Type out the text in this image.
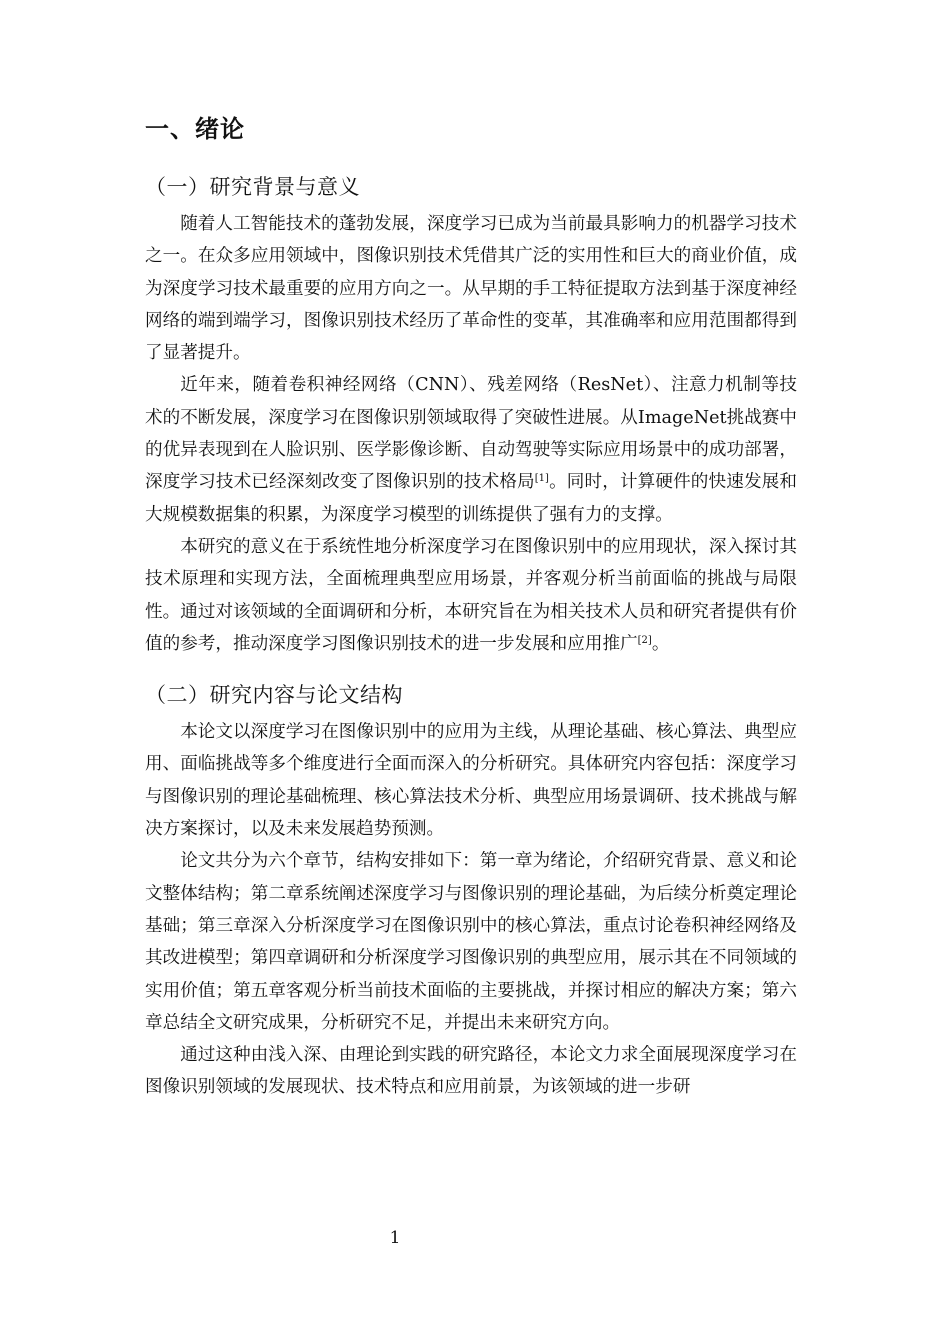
一、绪论
（一）研究背景与意义

随着人工智能技术的蓬勃发展，深度学习已成为当前最具影响力的机器学习技术之一。在众多应用领域中，图像识别技术凭借其广泛的实用性和巨大的商业价值，成为深度学习技术最重要的应用方向之一。从早期的手工特征提取方法到基于深度神经网络的端到端学习，图像识别技术经历了革命性的变革，其准确率和应用范围都得到了显著提升。

近年来，随着卷积神经网络（CNN）、残差网络（ResNet）、注意力机制等技术的不断发展，深度学习在图像识别领域取得了突破性进展。从ImageNet挑战赛中的优异表现到在人脸识别、医学影像诊断、自动驾驶等实际应用场景中的成功部署，深度学习技术已经深刻改变了图像识别的技术格局[1]。同时，计算硬件的快速发展和大规模数据集的积累，为深度学习模型的训练提供了强有力的支撑。

本研究的意义在于系统性地分析深度学习在图像识别中的应用现状，深入探讨其技术原理和实现方法，全面梳理典型应用场景，并客观分析当前面临的挑战与局限性。通过对该领域的全面调研和分析，本研究旨在为相关技术人员和研究者提供有价值的参考，推动深度学习图像识别技术的进一步发展和应用推广[2]。

（二）研究内容与论文结构

本论文以深度学习在图像识别中的应用为主线，从理论基础、核心算法、典型应用、面临挑战等多个维度进行全面而深入的分析研究。具体研究内容包括：深度学习与图像识别的理论基础梳理、核心算法技术分析、典型应用场景调研、技术挑战与解决方案探讨，以及未来发展趋势预测。

论文共分为六个章节，结构安排如下：第一章为绪论，介绍研究背景、意义和论文整体结构；第二章系统阐述深度学习与图像识别的理论基础，为后续分析奠定理论基础；第三章深入分析深度学习在图像识别中的核心算法，重点讨论卷积神经网络及其改进模型；第四章调研和分析深度学习图像识别的典型应用，展示其在不同领域的实用价值；第五章客观分析当前技术面临的主要挑战，并探讨相应的解决方案；第六章总结全文研究成果，分析研究不足，并提出未来研究方向。

通过这种由浅入深、由理论到实践的研究路径，本论文力求全面展现深度学习在图像识别领域的发展现状、技术特点和应用前景，为该领域的进一步研

1
